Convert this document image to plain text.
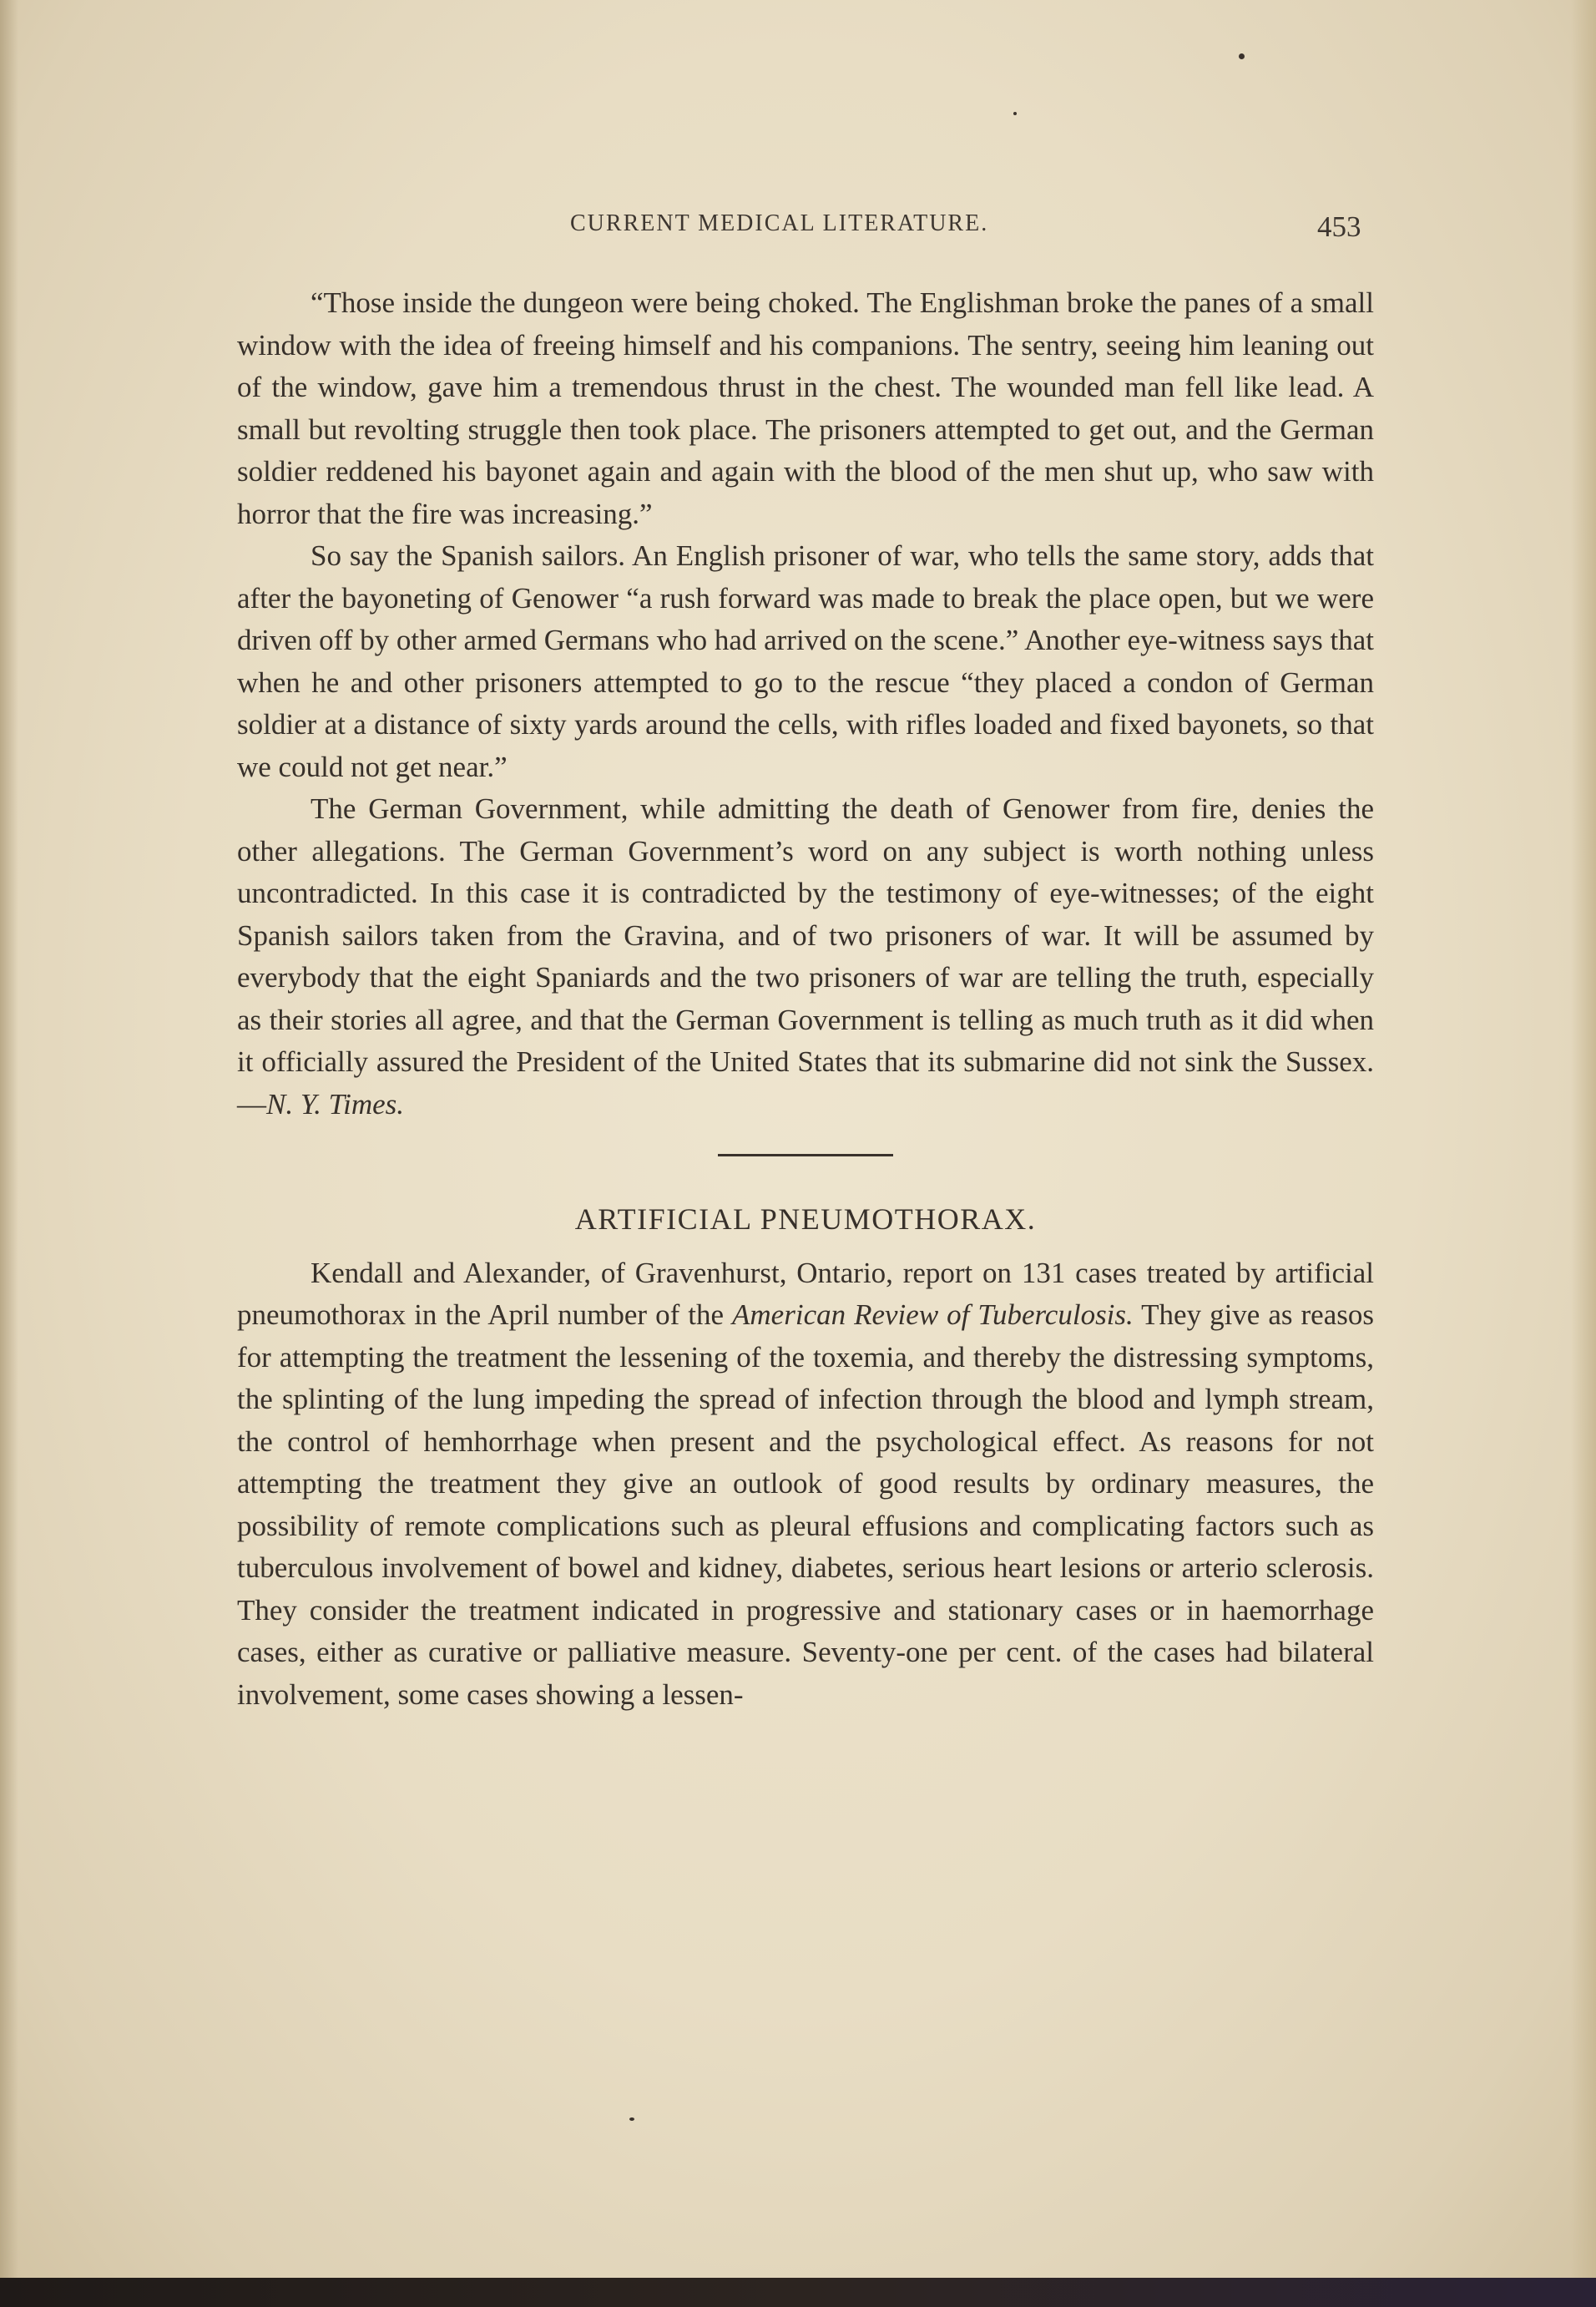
CURRENT MEDICAL LITERATURE.	453

“Those inside the dungeon were being choked. The Englishman broke the panes of a small window with the idea of freeing himself and his companions. The sentry, seeing him leaning out of the window, gave him a tremendous thrust in the chest. The wounded man fell like lead. A small but revolting struggle then took place. The prisoners attempted to get out, and the German soldier reddened his bayonet again and again with the blood of the men shut up, who saw with horror that the fire was increasing.”

So say the Spanish sailors. An English prisoner of war, who tells the same story, adds that after the bayoneting of Genower “a rush forward was made to break the place open, but we were driven off by other armed Germans who had arrived on the scene.” Another eye-witness says that when he and other prisoners attempted to go to the rescue “they placed a condon of German soldier at a distance of sixty yards around the cells, with rifles loaded and fixed bayonets, so that we could not get near.”

The German Government, while admitting the death of Genower from fire, denies the other allegations. The German Government’s word on any subject is worth nothing unless uncontradicted. In this case it is contradicted by the testimony of eye-witnesses; of the eight Spanish sailors taken from the Gravina, and of two prisoners of war. It will be assumed by everybody that the eight Spaniards and the two prisoners of war are telling the truth, especially as their stories all agree, and that the German Government is telling as much truth as it did when it officially assured the President of the United States that its submarine did not sink the Sussex.—N. Y. Times.

ARTIFICIAL PNEUMOTHORAX.

Kendall and Alexander, of Gravenhurst, Ontario, report on 131 cases treated by artificial pneumothorax in the April number of the American Review of Tuberculosis. They give as reasos for attempting the treatment the lessening of the toxemia, and thereby the distressing symptoms, the splinting of the lung impeding the spread of infection through the blood and lymph stream, the control of hemhorrhage when present and the psychological effect. As reasons for not attempting the treatment they give an outlook of good results by ordinary measures, the possibility of remote complications such as pleural effusions and complicating factors such as tuberculous involvement of bowel and kidney, diabetes, serious heart lesions or arterio sclerosis. They consider the treatment indicated in progressive and stationary cases or in haemorrhage cases, either as curative or palliative measure. Seventy-one per cent. of the cases had bilateral involvement, some cases showing a lessen-
